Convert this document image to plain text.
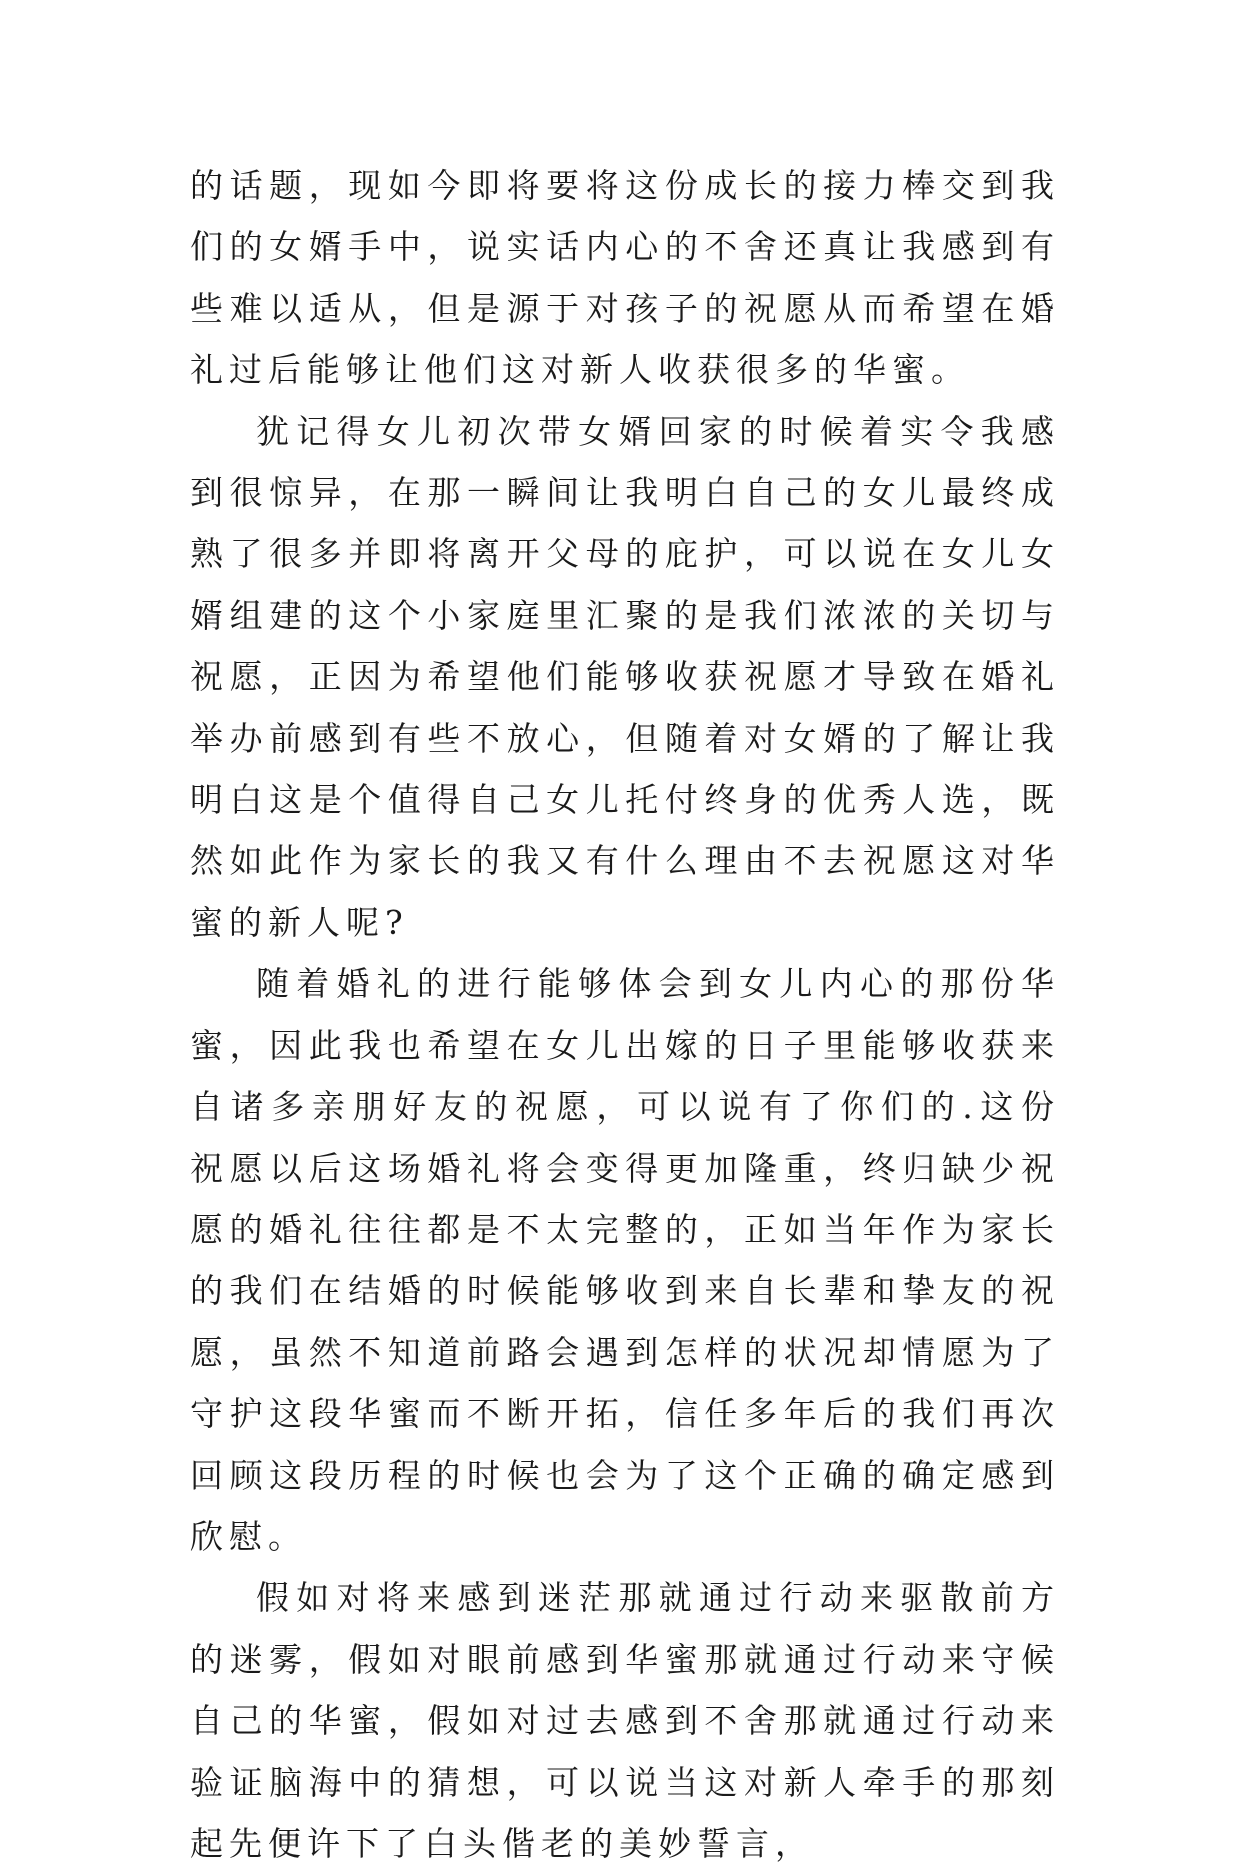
的话题，现如今即将要将这份成长的接力棒交到我们的女婿手中，说实话内心的不舍还真让我感到有些难以适从，但是源于对孩子的祝愿从而希望在婚礼过后能够让他们这对新人收获很多的华蜜。

犹记得女儿初次带女婿回家的时候着实令我感到很惊异，在那一瞬间让我明白自己的女儿最终成熟了很多并即将离开父母的庇护，可以说在女儿女婿组建的这个小家庭里汇聚的是我们浓浓的关切与祝愿，正因为希望他们能够收获祝愿才导致在婚礼举办前感到有些不放心，但随着对女婿的了解让我明白这是个值得自己女儿托付终身的优秀人选，既然如此作为家长的我又有什么理由不去祝愿这对华蜜的新人呢?

随着婚礼的进行能够体会到女儿内心的那份华蜜，因此我也希望在女儿出嫁的日子里能够收获来自诸多亲朋好友的祝愿，可以说有了你们的.这份祝愿以后这场婚礼将会变得更加隆重，终归缺少祝愿的婚礼往往都是不太完整的，正如当年作为家长的我们在结婚的时候能够收到来自长辈和挚友的祝愿，虽然不知道前路会遇到怎样的状况却情愿为了守护这段华蜜而不断开拓，信任多年后的我们再次回顾这段历程的时候也会为了这个正确的确定感到欣慰。

假如对将来感到迷茫那就通过行动来驱散前方的迷雾，假如对眼前感到华蜜那就通过行动来守候自己的华蜜，假如对过去感到不舍那就通过行动来验证脑海中的猜想，可以说当这对新人牵手的那刻起先便许下了白头偕老的美妙誓言，
